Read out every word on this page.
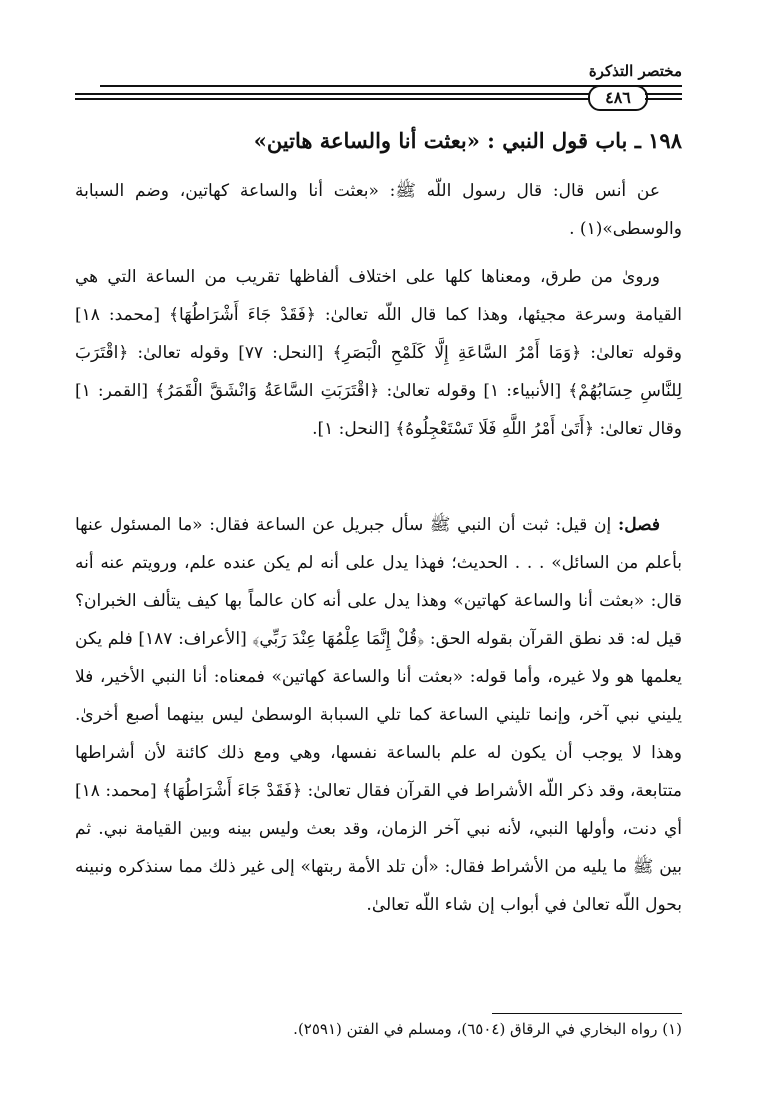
مختصر التذكرة
٤٨٦
١٩٨ ـ باب قول النبي : «بعثت أنا والساعة هاتين»

عن أنس قال: قال رسول اللّه ﷺ: «بعثت أنا والساعة كهاتين، وضم السبابة والوسطى»(١) .

وروىٰ من طرق، ومعناها كلها على اختلاف ألفاظها تقريب من الساعة التي هي القيامة وسرعة مجيئها، وهذا كما قال اللّه تعالىٰ: ﴿فَقَدْ جَاءَ أَشْرَاطُهَا﴾ [محمد: ١٨] وقوله تعالىٰ: ﴿وَمَا أَمْرُ السَّاعَةِ إِلَّا كَلَمْحِ الْبَصَرِ﴾ [النحل: ٧٧] وقوله تعالىٰ: ﴿اقْتَرَبَ لِلنَّاسِ حِسَابُهُمْ﴾ [الأنبياء: ١] وقوله تعالىٰ: ﴿اقْتَرَبَتِ السَّاعَةُ وَانْشَقَّ الْقَمَرُ﴾ [القمر: ١] وقال تعالىٰ: ﴿أَتَىٰ أَمْرُ اللَّهِ فَلَا تَسْتَعْجِلُوهُ﴾ [النحل: ١].

فصل: إن قيل: ثبت أن النبي ﷺ سأل جبريل عن الساعة فقال: «ما المسئول عنها بأعلم من السائل» . . . الحديث؛ فهذا يدل على أنه لم يكن عنده علم، ورويتم عنه أنه قال: «بعثت أنا والساعة كهاتين» وهذا يدل على أنه كان عالماً بها كيف يتألف الخبران؟ قيل له: قد نطق القرآن بقوله الحق: ﴿قُلْ إِنَّمَا عِلْمُهَا عِنْدَ رَبِّي﴾ [الأعراف: ١٨٧] فلم يكن يعلمها هو ولا غيره، وأما قوله: «بعثت أنا والساعة كهاتين» فمعناه: أنا النبي الأخير، فلا يليني نبي آخر، وإنما تليني الساعة كما تلي السبابة الوسطىٰ ليس بينهما أصبع أخرىٰ. وهذا لا يوجب أن يكون له علم بالساعة نفسها، وهي ومع ذلك كائنة لأن أشراطها متتابعة، وقد ذكر اللّه الأشراط في القرآن فقال تعالىٰ: ﴿فَقَدْ جَاءَ أَشْرَاطُهَا﴾ [محمد: ١٨] أي دنت، وأولها النبي، لأنه نبي آخر الزمان، وقد بعث وليس بينه وبين القيامة نبي. ثم بين ﷺ ما يليه من الأشراط فقال: «أن تلد الأمة ربتها» إلى غير ذلك مما سنذكره ونبينه بحول اللّه تعالىٰ في أبواب إن شاء اللّه تعالىٰ.

(١) رواه البخاري في الرقاق (٦٥٠٤)، ومسلم في الفتن (٢٥٩١).
